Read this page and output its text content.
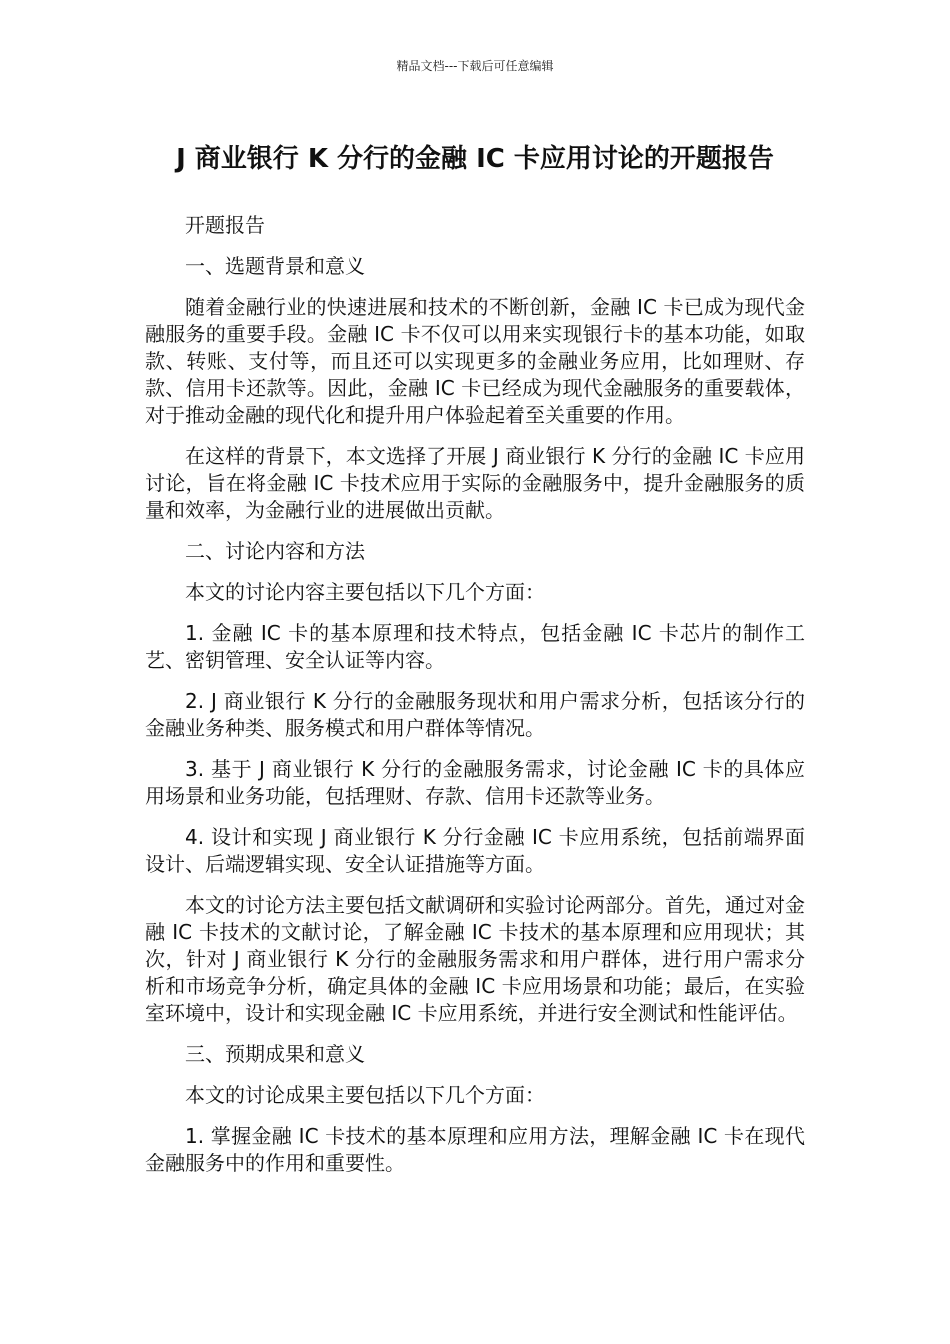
精品文档---下载后可任意编辑
J 商业银行 K 分行的金融 IC 卡应用讨论的开题报告

开题报告

一、选题背景和意义

随着金融行业的快速进展和技术的不断创新，金融 IC 卡已成为现代金融服务的重要手段。金融 IC 卡不仅可以用来实现银行卡的基本功能，如取款、转账、支付等，而且还可以实现更多的金融业务应用，比如理财、存款、信用卡还款等。因此，金融 IC 卡已经成为现代金融服务的重要载体，对于推动金融的现代化和提升用户体验起着至关重要的作用。

在这样的背景下，本文选择了开展 J 商业银行 K 分行的金融 IC 卡应用讨论，旨在将金融 IC 卡技术应用于实际的金融服务中，提升金融服务的质量和效率，为金融行业的进展做出贡献。

二、讨论内容和方法

本文的讨论内容主要包括以下几个方面：

1. 金融 IC 卡的基本原理和技术特点，包括金融 IC 卡芯片的制作工艺、密钥管理、安全认证等内容。

2. J 商业银行 K 分行的金融服务现状和用户需求分析，包括该分行的金融业务种类、服务模式和用户群体等情况。

3. 基于 J 商业银行 K 分行的金融服务需求，讨论金融 IC 卡的具体应用场景和业务功能，包括理财、存款、信用卡还款等业务。

4. 设计和实现 J 商业银行 K 分行金融 IC 卡应用系统，包括前端界面设计、后端逻辑实现、安全认证措施等方面。

本文的讨论方法主要包括文献调研和实验讨论两部分。首先，通过对金融 IC 卡技术的文献讨论，了解金融 IC 卡技术的基本原理和应用现状；其次，针对 J 商业银行 K 分行的金融服务需求和用户群体，进行用户需求分析和市场竞争分析，确定具体的金融 IC 卡应用场景和功能；最后，在实验室环境中，设计和实现金融 IC 卡应用系统，并进行安全测试和性能评估。

三、预期成果和意义

本文的讨论成果主要包括以下几个方面：

1. 掌握金融 IC 卡技术的基本原理和应用方法，理解金融 IC 卡在现代金融服务中的作用和重要性。
